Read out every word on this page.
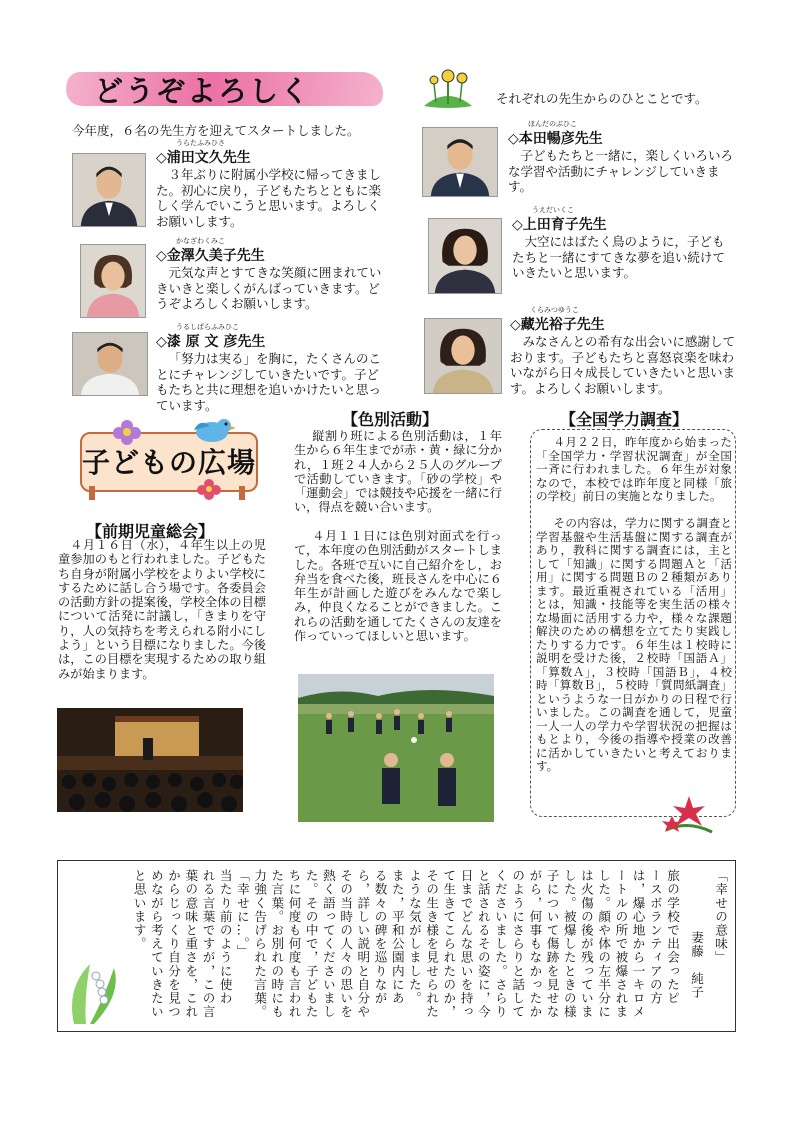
どうぞよろしく	それぞれの先生からのひとことです。
今年度，６名の先生方を迎えてスタートしました。
うらたふみひさ
◇浦田文久先生
３年ぶりに附属小学校に帰ってきました。初心に戻り，子どもたちとともに楽しく学んでいこうと思います。よろしくお願いします。
かなざわくみこ
◇金澤久美子先生
元気な声とすてきな笑顔に囲まれていきいきと楽しくがんばっていきます。どうぞよろしくお願いします。
うるしばらふみひこ
◇漆 原 文 彦先生
「努力は実る」を胸に，たくさんのことにチャレンジしていきたいです。子どもたちと共に理想を追いかけたいと思っています。
ほんだのぶひこ
◇本田暢彦先生
子どもたちと一緒に，楽しくいろいろな学習や活動にチャレンジしていきます。
うえだいくこ
◇上田育子先生
大空にはばたく鳥のように，子どもたちと一緒にすてきな夢を追い続けていきたいと思います。
くらみつゆうこ
◇藏光裕子先生
みなさんとの希有な出会いに感謝しております。子どもたちと喜怒哀楽を味わいながら日々成長していきたいと思います。よろしくお願いします。
子どもの広場
【前期児童総会】
４月１６日（水），４年生以上の児童参加のもと行われました。子どもたち自身が附属小学校をよりよい学校にするために話し合う場です。各委員会の活動方針の提案後，学校全体の目標について活発に討議し，「きまりを守り，人の気持ちを考えられる附小にしよう」という目標になりました。今後は，この目標を実現するための取り組みが始まります。
【色別活動】
縦割り班による色別活動は，１年生から６年生までが赤・黄・緑に分かれ，１班２４人から２５人のグループで活動していきます。「砂の学校」や「運動会」では競技や応援を一緒に行い，得点を競い合います。
４月１１日には色別対面式を行って，本年度の色別活動がスタートしました。各班で互いに自己紹介をし，お弁当を食べた後，班長さんを中心に６年生が計画した遊びをみんなで楽しみ，仲良くなることができました。これらの活動を通してたくさんの友達を作っていってほしいと思います。
【全国学力調査】
４月２２日，昨年度から始まった「全国学力・学習状況調査」が全国一斉に行われました。６年生が対象なので，本校では昨年度と同様「旅の学校」前日の実施となりました。
その内容は，学力に関する調査と学習基盤や生活基盤に関する調査があり，教科に関する調査には，主として「知識」に関する問題Ａと「活用」に関する問題Ｂの２種類があります。最近重視されている「活用」とは，知識・技能等を実生活の様々な場面に活用する力や，様々な課題解決のための構想を立てたり実践したりする力です。６年生は１校時に説明を受けた後，２校時「国語Ａ」「算数Ａ」，３校時「国語Ｂ」，４校時「算数Ｂ」，５校時「質問紙調査」というような一日がかりの日程で行いました。この調査を通して，児童一人一人の学力や学習状況の把握はもとより，今後の指導や授業の改善に活かしていきたいと考えております。
「幸せの意味」
妻藤　純子
旅の学校で出会ったピ
ースボランティアの方
は，爆心地から一キロメ
ートルの所で被爆されま
した。顔や体の左半分に
は火傷の後が残っていま
した。被爆したときの様
子について傷跡を見せな
がら，何事もなかったか
のようにさらりと話して
くださいました。さらり
と話されるその姿に，今
日までどんな思いを持っ
て生きてこられたのか，
その生き様を見せられた
ような気がしました。
また，平和公園内にあ
る数々の碑を巡りなが
ら，詳しい説明と自分や
その当時の人々の思いを
熱く語ってくださいまし
た。その中で，子どもた
ちに何度も何度も言われ
た言葉。お別れの時にも
力強く告げられた言葉。
「幸せに…。」
当たり前のように使わ
れる言葉ですが，この言
葉の意味と重さを，これ
からじっくり自分を見つ
めながら考えていきたい
と思います。
